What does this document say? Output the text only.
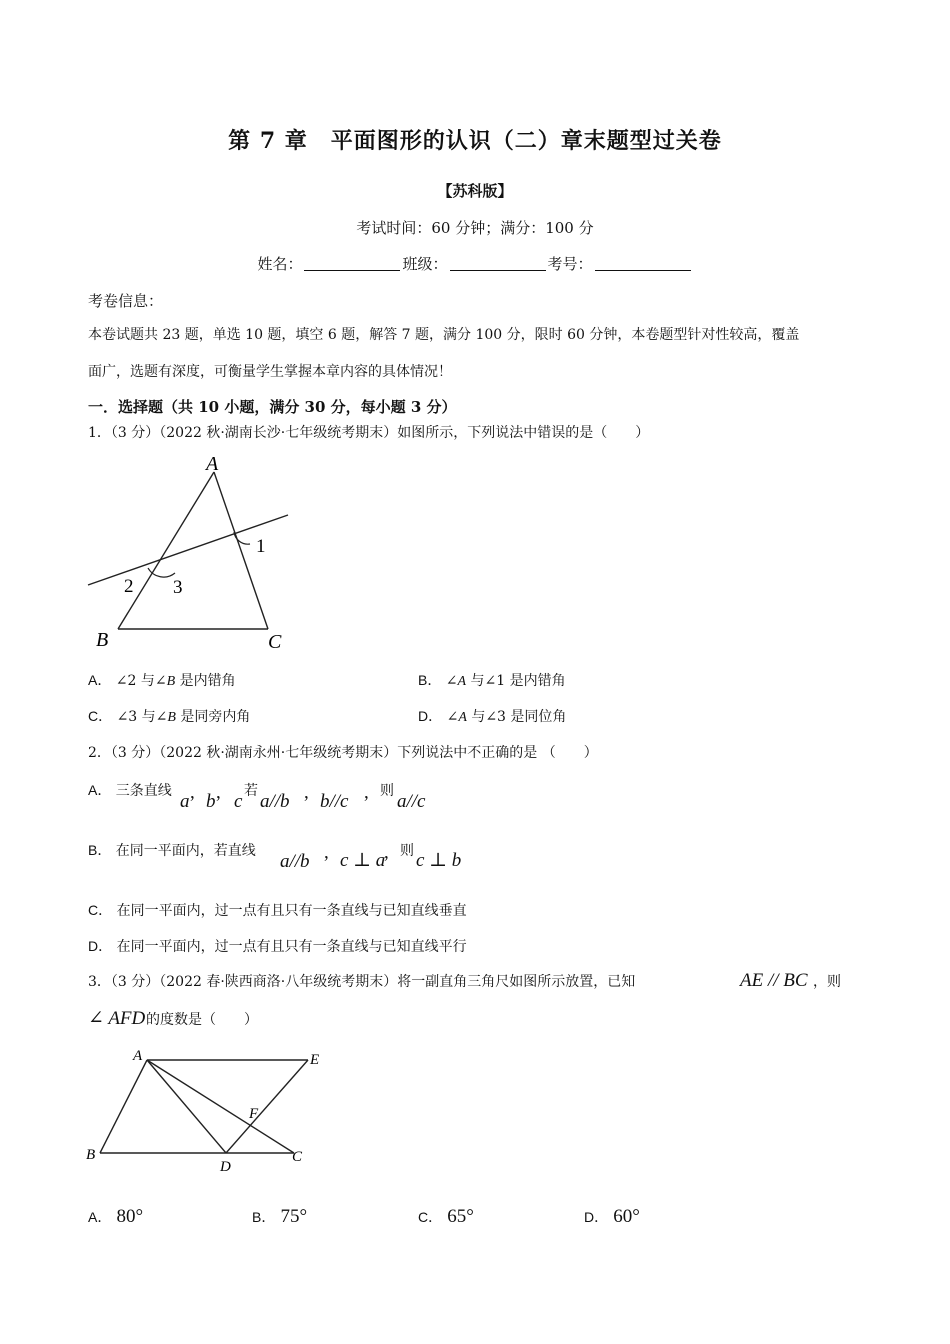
第 7 章　平面图形的认识（二）章末题型过关卷
【苏科版】
考试时间：60 分钟；满分：100 分
姓名：	班级：	考号：
考卷信息：
本卷试题共 23 题，单选 10 题，填空 6 题，解答 7 题，满分 100 分，限时 60 分钟，本卷题型针对性较高，覆盖
面广，选题有深度，可衡量学生掌握本章内容的具体情况！
一．选择题（共 10 小题，满分 30 分，每小题 3 分）
1．（3 分）（2022 秋·湖南长沙·七年级统考期末）如图所示，下列说法中错误的是（　　）
A
B	C
1
2 3
A． ∠2 与∠B 是内错角	B． ∠A 与∠1 是内错角
C． ∠3 与∠B 是同旁内角	D． ∠A 与∠3 是同位角
2．（3 分）（2022 秋·湖南永州·七年级统考期末）下列说法中不正确的是 （　　）
A． 三条直线 a , b , c 若 a//b , b//c , 则 a//c
B． 在同一平面内，若直线 a//b , c ⊥ a
, 则 c ⊥ b
C． 在同一平面内，过一点有且只有一条直线与已知直线垂直
D． 在同一平面内，过一点有且只有一条直线与已知直线平行
3．（3 分）（2022 春·陕西商洛·八年级统考期末）将一副直角三角尺如图所示放置，已知	AE // BC ，则
∠ AFD 的度数是（　　）
A	E
F
B
D
C
A． 80°	B． 75°	C． 65°	D． 60°
